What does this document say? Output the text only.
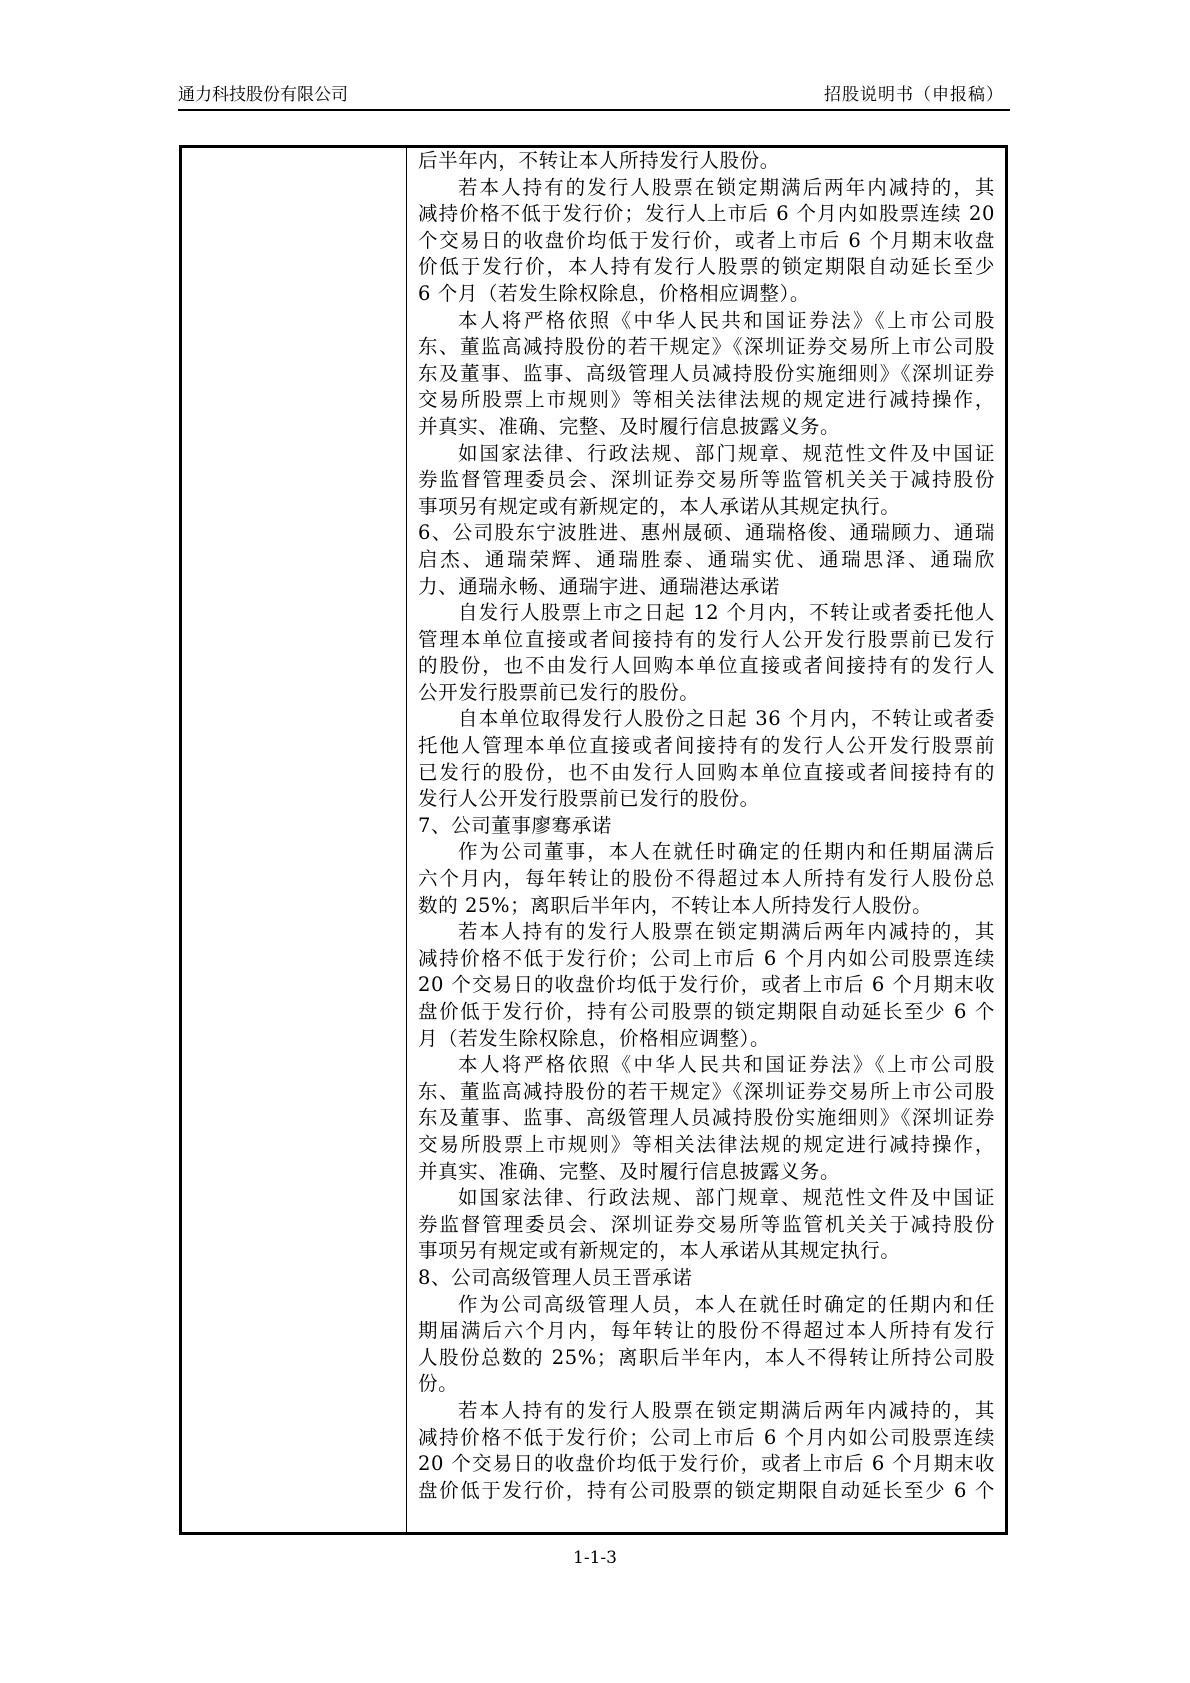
通力科技股份有限公司	招股说明书（申报稿）
后半年内，不转让本人所持发行人股份。
若本人持有的发行人股票在锁定期满后两年内减持的，其
减持价格不低于发行价；发行人上市后 6 个月内如股票连续 20
个交易日的收盘价均低于发行价，或者上市后 6 个月期末收盘
价低于发行价，本人持有发行人股票的锁定期限自动延长至少
6 个月（若发生除权除息，价格相应调整）。
本人将严格依照《中华人民共和国证券法》《上市公司股
东、董监高减持股份的若干规定》《深圳证券交易所上市公司股
东及董事、监事、高级管理人员减持股份实施细则》《深圳证券
交易所股票上市规则》等相关法律法规的规定进行减持操作，
并真实、准确、完整、及时履行信息披露义务。
如国家法律、行政法规、部门规章、规范性文件及中国证
券监督管理委员会、深圳证券交易所等监管机关关于减持股份
事项另有规定或有新规定的，本人承诺从其规定执行。
6、公司股东宁波胜进、惠州晟硕、通瑞格俊、通瑞顾力、通瑞
启杰、通瑞荣辉、通瑞胜泰、通瑞实优、通瑞思泽、通瑞欣
力、通瑞永畅、通瑞宇进、通瑞港达承诺
自发行人股票上市之日起 12 个月内，不转让或者委托他人
管理本单位直接或者间接持有的发行人公开发行股票前已发行
的股份，也不由发行人回购本单位直接或者间接持有的发行人
公开发行股票前已发行的股份。
自本单位取得发行人股份之日起 36 个月内，不转让或者委
托他人管理本单位直接或者间接持有的发行人公开发行股票前
已发行的股份，也不由发行人回购本单位直接或者间接持有的
发行人公开发行股票前已发行的股份。
7、公司董事廖骞承诺
作为公司董事，本人在就任时确定的任期内和任期届满后
六个月内，每年转让的股份不得超过本人所持有发行人股份总
数的 25%；离职后半年内，不转让本人所持发行人股份。
若本人持有的发行人股票在锁定期满后两年内减持的，其
减持价格不低于发行价；公司上市后 6 个月内如公司股票连续
20 个交易日的收盘价均低于发行价，或者上市后 6 个月期末收
盘价低于发行价，持有公司股票的锁定期限自动延长至少 6 个
月（若发生除权除息，价格相应调整）。
本人将严格依照《中华人民共和国证券法》《上市公司股
东、董监高减持股份的若干规定》《深圳证券交易所上市公司股
东及董事、监事、高级管理人员减持股份实施细则》《深圳证券
交易所股票上市规则》等相关法律法规的规定进行减持操作，
并真实、准确、完整、及时履行信息披露义务。
如国家法律、行政法规、部门规章、规范性文件及中国证
券监督管理委员会、深圳证券交易所等监管机关关于减持股份
事项另有规定或有新规定的，本人承诺从其规定执行。
8、公司高级管理人员王晋承诺
作为公司高级管理人员，本人在就任时确定的任期内和任
期届满后六个月内，每年转让的股份不得超过本人所持有发行
人股份总数的 25%；离职后半年内，本人不得转让所持公司股
份。
若本人持有的发行人股票在锁定期满后两年内减持的，其
减持价格不低于发行价；公司上市后 6 个月内如公司股票连续
20 个交易日的收盘价均低于发行价，或者上市后 6 个月期末收
盘价低于发行价，持有公司股票的锁定期限自动延长至少 6 个
1-1-3
